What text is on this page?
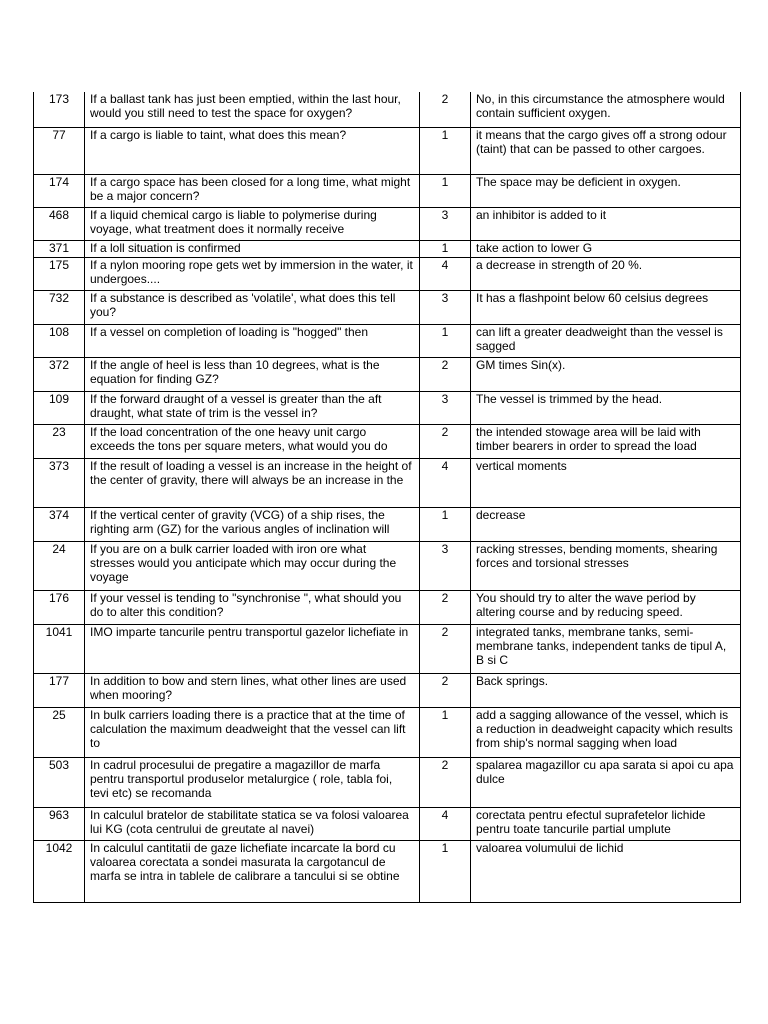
173	If a ballast tank has just been emptied, within the last hour, would you still need to test the space for oxygen?	2	No, in this circumstance the atmosphere would contain sufficient oxygen.
77	If a cargo is liable to taint, what does this mean?	1	it means that the cargo gives off a strong odour (taint) that can be passed to other cargoes.
174	If a cargo space has been closed for a long time, what might be a major concern?	1	The space may be deficient in oxygen.
468	If a liquid chemical cargo is liable to polymerise during voyage, what treatment does it normally receive	3	an inhibitor is added to it
371	If a loll situation is confirmed	1	take action to lower G
175	If a nylon mooring rope gets wet by immersion in the water, it undergoes....	4	a decrease in strength of 20 %.
732	If a substance is described as 'volatile', what does this tell you?	3	It has a flashpoint below 60 celsius degrees
108	If a vessel on completion of loading is "hogged" then	1	can lift a greater deadweight than the vessel is sagged
372	If the angle of heel is less than 10 degrees, what is the equation for finding GZ?	2	GM times Sin(x).
109	If the forward draught of a vessel is greater than the aft draught, what state of trim is the vessel in?	3	The vessel is trimmed by the head.
23	If the load concentration of the one heavy unit cargo exceeds the tons per square meters, what would you do	2	the intended stowage area will be laid with timber bearers in order to spread the load
373	If the result of loading a vessel is an increase in the height of the center of gravity, there will always be an increase in the	4	vertical moments
374	If the vertical center of gravity (VCG) of a ship rises, the righting arm (GZ) for the various angles of inclination will	1	decrease
24	If you are on a bulk carrier loaded with iron ore what stresses would you anticipate which may occur during the voyage	3	racking stresses, bending moments, shearing forces and torsional stresses
176	If your vessel is tending to "synchronise ", what should you do to alter this condition?	2	You should try to alter the wave period by altering course and by reducing speed.
1041	IMO imparte tancurile pentru transportul gazelor lichefiate in	2	integrated tanks, membrane tanks, semi-membrane tanks, independent tanks de tipul A, B si C
177	In addition to bow and stern lines, what other lines are used when mooring?	2	Back springs.
25	In bulk carriers loading there is a practice that at the time of calculation the maximum deadweight that the vessel can lift to	1	add a sagging allowance of the vessel, which is a reduction in deadweight capacity which results from ship's normal sagging when load
503	In cadrul procesului de pregatire a magazillor de marfa pentru transportul produselor metalurgice ( role, tabla foi, tevi etc) se recomanda	2	spalarea magazillor cu apa sarata si apoi cu apa dulce
963	In calculul bratelor de stabilitate statica se va folosi valoarea lui KG (cota centrului de greutate al navei)	4	corectata pentru efectul suprafetelor lichide pentru toate tancurile partial umplute
1042	In calculul cantitatii de gaze lichefiate incarcate la bord cu valoarea corectata a sondei masurata la cargotancul de marfa se intra in tablele de calibrare a tancului si se obtine	1	valoarea volumului de lichid
